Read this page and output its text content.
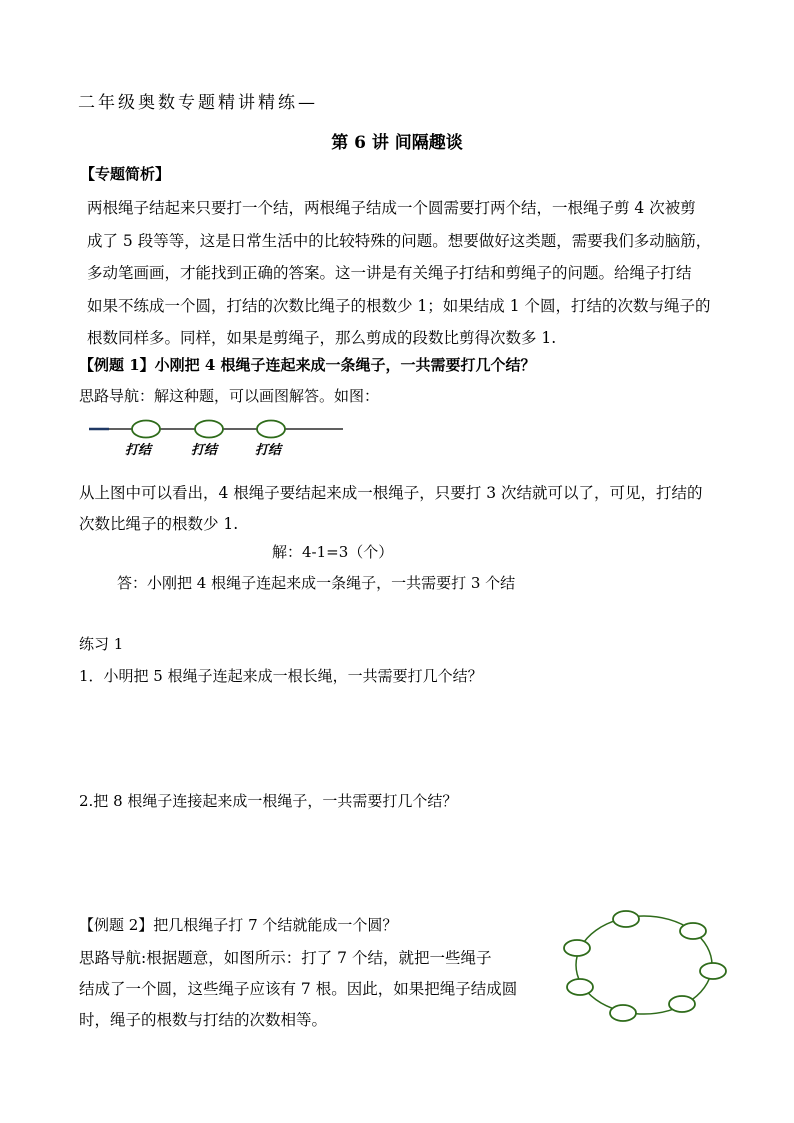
二年级奥数专题精讲精练—
第 6 讲 间隔趣谈
【专题简析】

两根绳子结起来只要打一个结，两根绳子结成一个圆需要打两个结，一根绳子剪 4 次被剪

成了 5 段等等，这是日常生活中的比较特殊的问题。想要做好这类题，需要我们多动脑筋，

多动笔画画，才能找到正确的答案。这一讲是有关绳子打结和剪绳子的问题。给绳子打结

如果不练成一个圆，打结的次数比绳子的根数少 1；如果结成 1 个圆，打结的次数与绳子的

根数同样多。同样，如果是剪绳子，那么剪成的段数比剪得次数多 1.

【例题 1】小刚把 4 根绳子连起来成一条绳子，一共需要打几个结？
思路导航：解这种题，可以画图解答。如图：
打结	打结	打结

从上图中可以看出，4 根绳子要结起来成一根绳子，只要打 3 次结就可以了，可见，打结的

次数比绳子的根数少 1.

解：4-1=3（个）
答：小刚把 4 根绳子连起来成一条绳子，一共需要打 3 个结
练习 1
1．小明把 5 根绳子连起来成一根长绳，一共需要打几个结？
2.把 8 根绳子连接起来成一根绳子，一共需要打几个结？
【例题 2】把几根绳子打 7 个结就能成一个圆？

思路导航:根据题意，如图所示：打了 7 个结，就把一些绳子

结成了一个圆，这些绳子应该有 7 根。因此，如果把绳子结成圆

时，绳子的根数与打结的次数相等。
